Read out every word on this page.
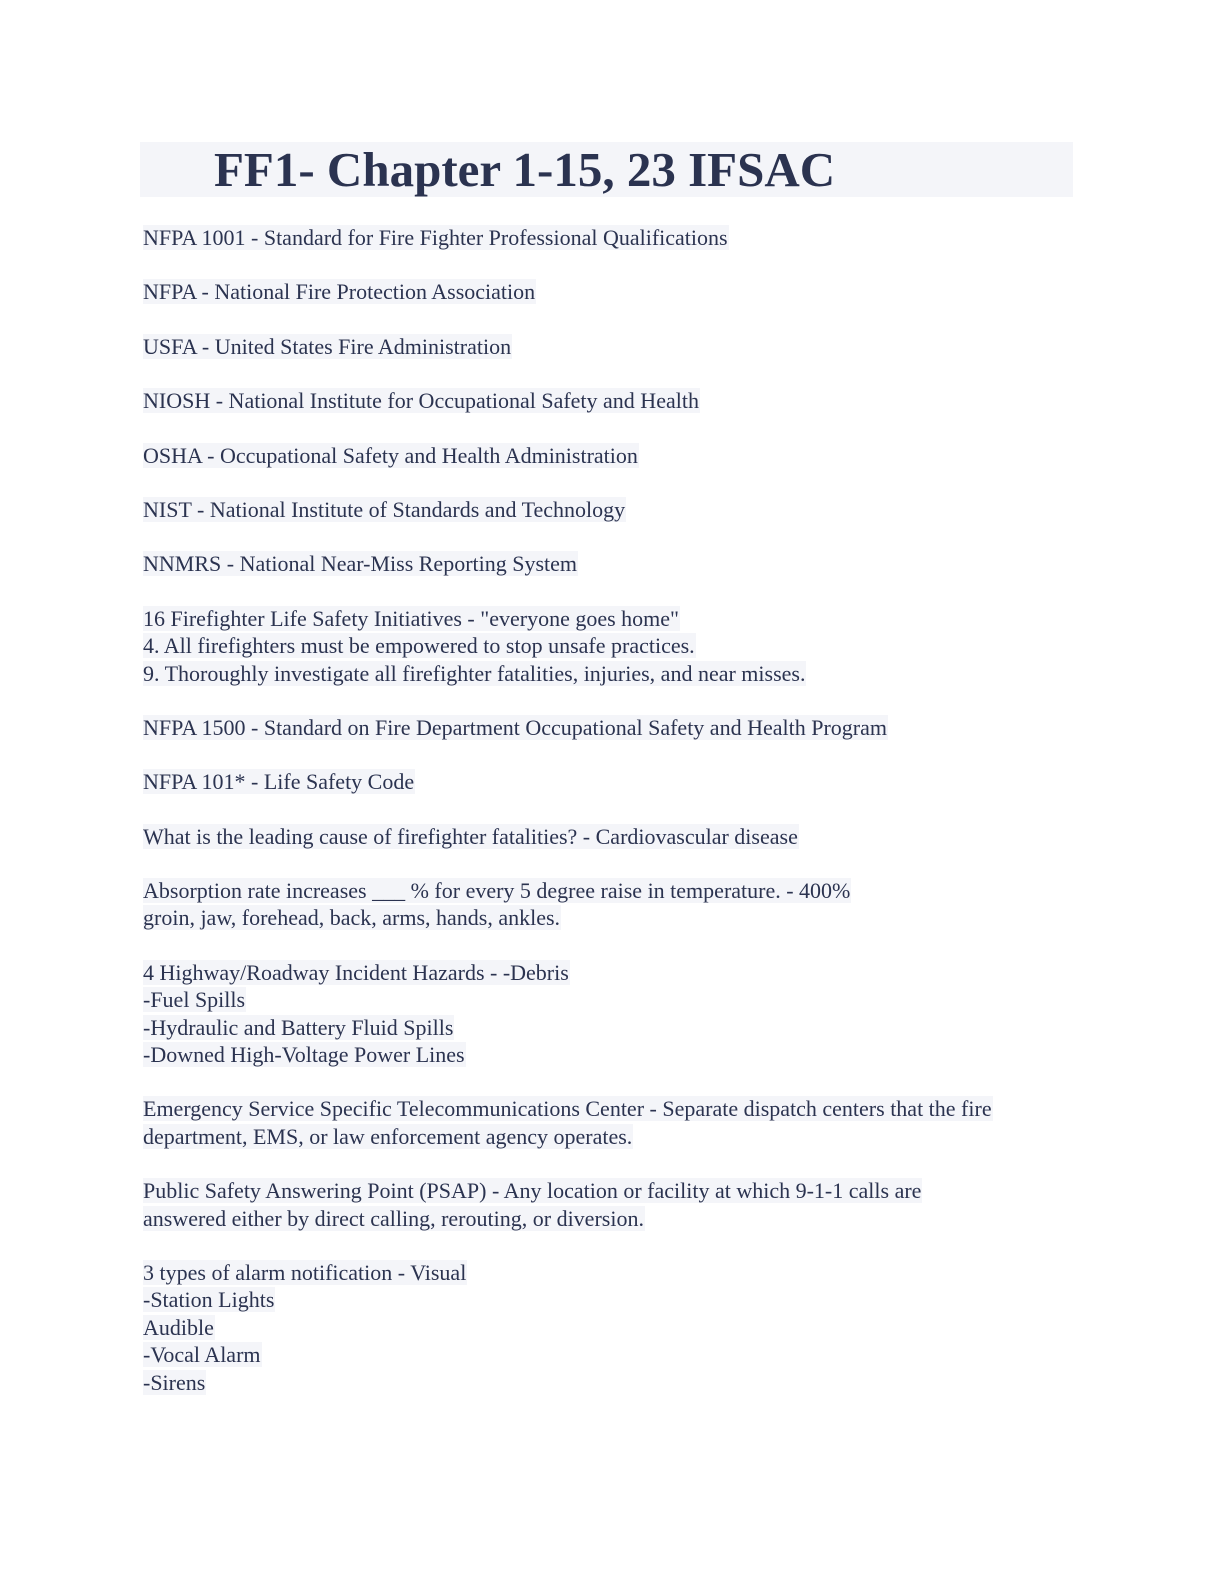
FF1- Chapter 1-15, 23 IFSAC
NFPA 1001 - Standard for Fire Fighter Professional Qualifications
NFPA - National Fire Protection Association
USFA - United States Fire Administration
NIOSH - National Institute for Occupational Safety and Health
OSHA - Occupational Safety and Health Administration
NIST - National Institute of Standards and Technology
NNMRS - National Near-Miss Reporting System
16 Firefighter Life Safety Initiatives - "everyone goes home"
4. All firefighters must be empowered to stop unsafe practices.
9. Thoroughly investigate all firefighter fatalities, injuries, and near misses.
NFPA 1500 - Standard on Fire Department Occupational Safety and Health Program
NFPA 101* - Life Safety Code
What is the leading cause of firefighter fatalities? - Cardiovascular disease
Absorption rate increases ___ % for every 5 degree raise in temperature. - 400%
groin, jaw, forehead, back, arms, hands, ankles.
4 Highway/Roadway Incident Hazards - -Debris
-Fuel Spills
-Hydraulic and Battery Fluid Spills
-Downed High-Voltage Power Lines
Emergency Service Specific Telecommunications Center - Separate dispatch centers that the fire
department, EMS, or law enforcement agency operates.
Public Safety Answering Point (PSAP) - Any location or facility at which 9-1-1 calls are
answered either by direct calling, rerouting, or diversion.
3 types of alarm notification - Visual
-Station Lights
Audible
-Vocal Alarm
-Sirens
